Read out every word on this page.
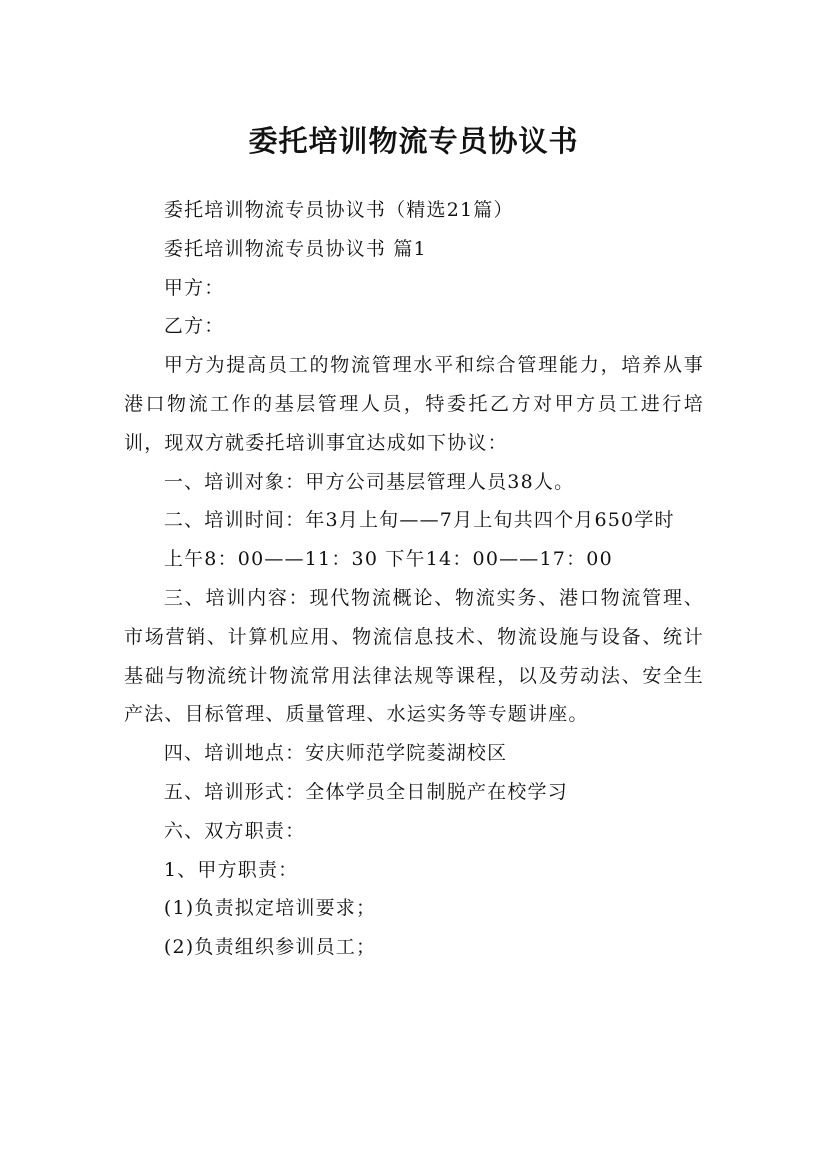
委托培训物流专员协议书

委托培训物流专员协议书（精选21篇）

委托培训物流专员协议书 篇1

甲方：

乙方：

甲方为提高员工的物流管理水平和综合管理能力，培养从事港口物流工作的基层管理人员，特委托乙方对甲方员工进行培训，现双方就委托培训事宜达成如下协议：

一、培训对象：甲方公司基层管理人员38人。

二、培训时间：年3月上旬——7月上旬共四个月650学时

上午8：00——11：30 下午14：00——17：00

三、培训内容：现代物流概论、物流实务、港口物流管理、市场营销、计算机应用、物流信息技术、物流设施与设备、统计基础与物流统计物流常用法律法规等课程，以及劳动法、安全生产法、目标管理、质量管理、水运实务等专题讲座。

四、培训地点：安庆师范学院菱湖校区

五、培训形式：全体学员全日制脱产在校学习

六、双方职责：

1、甲方职责：

(1)负责拟定培训要求；

(2)负责组织参训员工；
